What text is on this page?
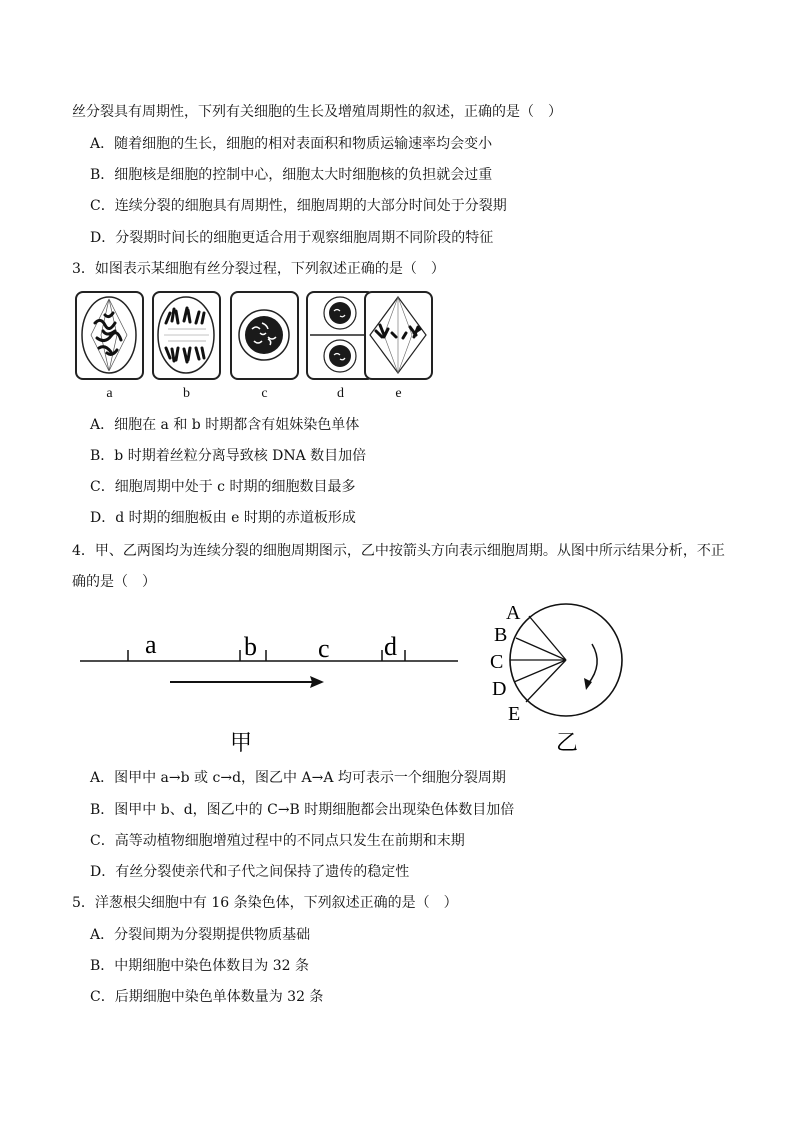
丝分裂具有周期性，下列有关细胞的生长及增殖周期性的叙述，正确的是（　）
A．随着细胞的生长，细胞的相对表面积和物质运输速率均会变小
B．细胞核是细胞的控制中心，细胞太大时细胞核的负担就会过重
C．连续分裂的细胞具有周期性，细胞周期的大部分时间处于分裂期
D．分裂期时间长的细胞更适合用于观察细胞周期不同阶段的特征
3．如图表示某细胞有丝分裂过程，下列叙述正确的是（　）
a	b	c	d	e
A．细胞在 a 和 b 时期都含有姐妹染色单体
B．b 时期着丝粒分离导致核 DNA 数目加倍
C．细胞周期中处于 c 时期的细胞数目最多
D．d 时期的细胞板由 e 时期的赤道板形成
4．甲、乙两图均为连续分裂的细胞周期图示，乙中按箭头方向表示细胞周期。从图中所示结果分析，不正
确的是（　）
a	b c d
甲
A
B
C
D
E
乙
A．图甲中 a→b 或 c→d，图乙中 A→A 均可表示一个细胞分裂周期
B．图甲中 b、d，图乙中的 C→B 时期细胞都会出现染色体数目加倍
C．高等动植物细胞增殖过程中的不同点只发生在前期和末期
D．有丝分裂使亲代和子代之间保持了遗传的稳定性
5．洋葱根尖细胞中有 16 条染色体，下列叙述正确的是（　）
A．分裂间期为分裂期提供物质基础
B．中期细胞中染色体数目为 32 条
C．后期细胞中染色单体数量为 32 条
